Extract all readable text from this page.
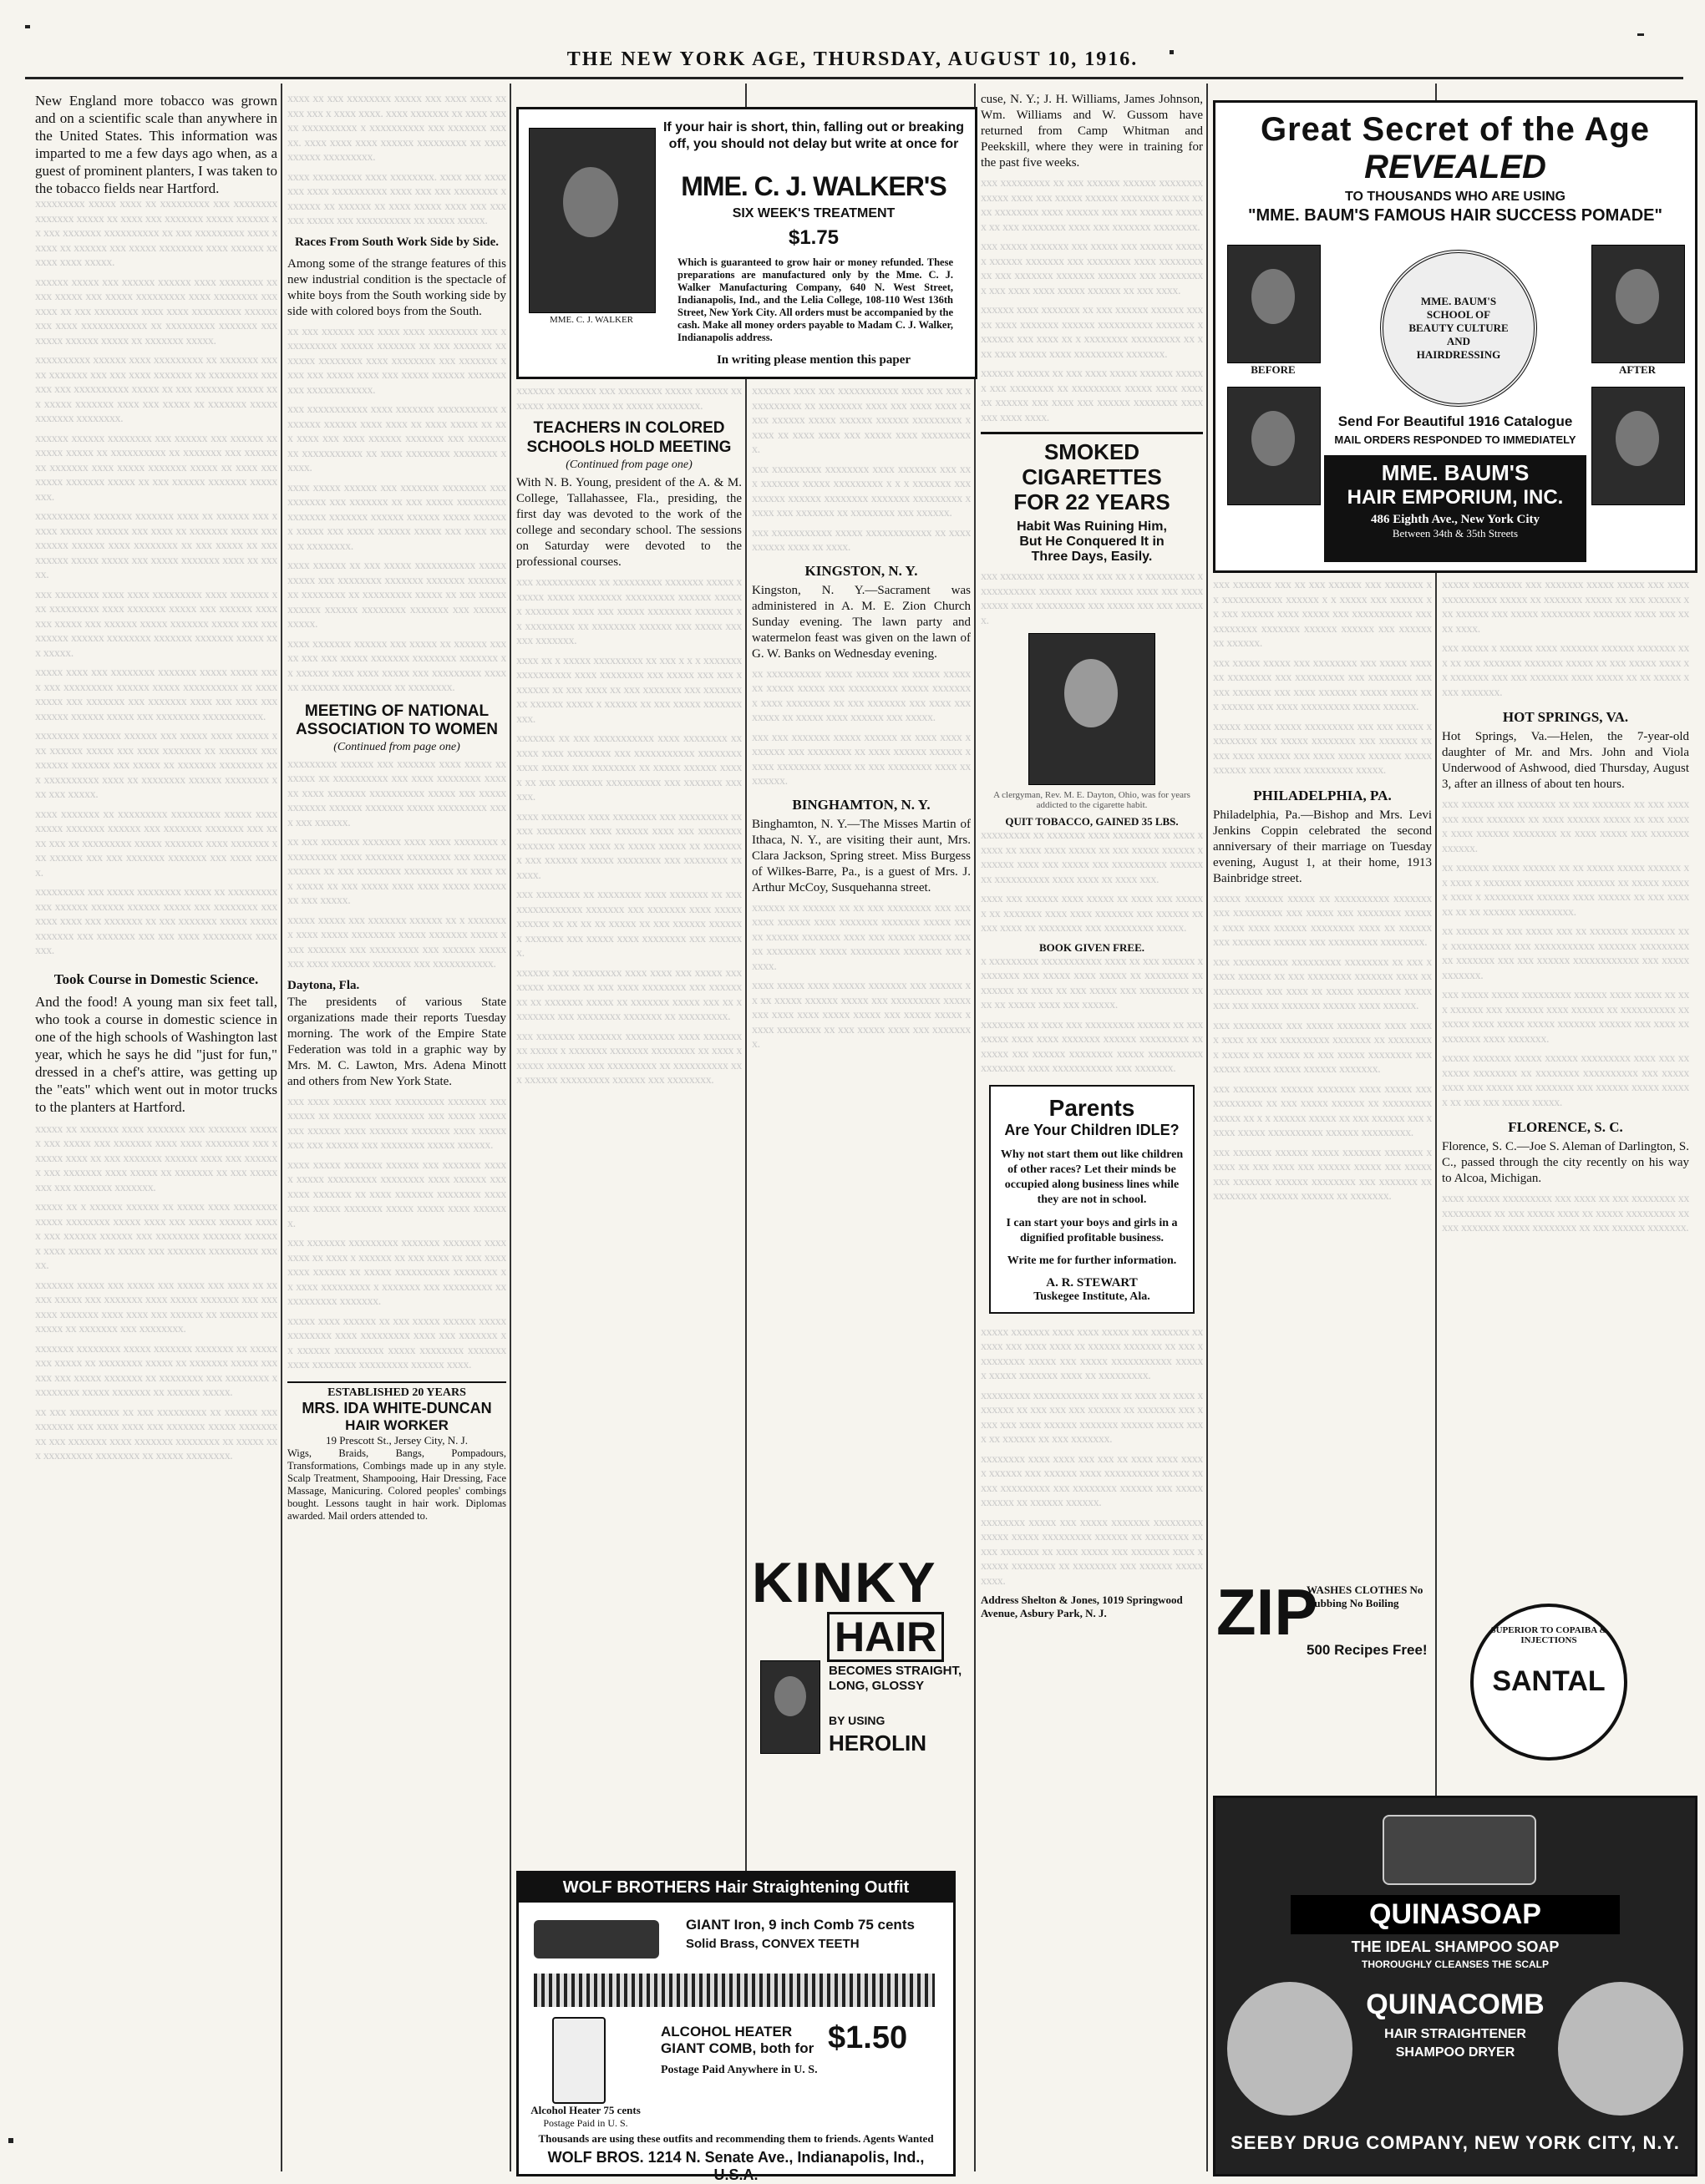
THE NEW YORK AGE, THURSDAY, AUGUST 10, 1916.
New England more tobacco was grown and on a scientific scale than anywhere in the United States. This information was imparted to me a few days ago when, as a guest of prominent planters, I was taken to the tobacco fields near Hartford.

xxxxxxxxx xxxxx xxxx xx xxxxxxxxx xxx xxxxxxxx xxxxxxx xxxxx xx xxxx xxx xxxxxxx xxxxx xxxxxx xx xxx xxxxxxx xxxxxxxxxx xx xxx xxxxxxxxx xxxx xxxxx xx xxxxxx xxx xxxxx xxxxxxxx xxxx xxxxxx xxxxxx xxxx xxxxx.

xxxxxx xxxxx xxx xxxxxx xxxxxx xxxx xxxxxxxx xx xxx xxxxx xxx xxxxx xxxxxxxxx xxxx xxxxxxxx xxxxxxx xx xxx xxxxxxxx xxxx xxxx xxxxxxxxx xxxxxxxxx xxxx xxxxxxxxxxxx xx xxxxxxxxx xxxxxxx xxx xxxxx xxxxxx xxxxx xx xxxxxxx xxxxx.

xxxxxxxxxx xxxxxx xxxx xxxxxxxxx xx xxxxxxx xxx xx xxxxxxx xxx xxx xxxx xxxxxxx xx xxxxxxxxx xxxxxx xxx xxxxxxxxxx xxxxx xx xxx xxxxxxx xxxxx xxx xxxxx xxxxxxx xxxx xxx xxxxx xx xxxxxxx xxxxx xxxxxxx xxxxxxxx.

xxxxxx xxxxxx xxxxxxxx xxx xxxxxx xxx xxxxxx xx xxxxx xxxxx xx xxxxxxxxxx xx xxxxxxx xxx xxxxxx xx xxxxxxx xxxx xxxxx xxxxxxx xxxxx xx xxxx xxx xxxxx xxxxxxx xxxxx xx xxx xxxxxx xxxxxxx xxxxxxxx.

xxxxxxxxxx xxxxxxx xxxxxxx xxxx xx xxxxxx xxx xxxxx xxxxxx xxxxxx xxx xxxx xx xxxxxxx xxxxx xxx xxxxxx xxxxxx xxxx xxxxxxxx xx xxx xxxxx xx xxx xxxxxx xxxxx xxxxx xxx xxxxx xxxxxxx xxxx xx xxxxx.

xxx xxxxxxxx xxxx xxxx xxxxxxxxx xxxx xxxxxxx xxx xxxxxxxxx xxxx xxxxxxx xxxxx xxx xxxxxx xxxxxxx xxxxx xxx xxxxxx xxxxx xxxxxxx xxxxx xxx xxxxxxxxx xxxxxx xxxxxxxx xxxxxxx xxxxxxx xxxxx xxx xxxxx.

xxxxx xxxx xxx xxxxxxxx xxxxxxx xxxxx xxxxx xxxx xxx xxxxxxxxx xxxxxx xxxxx xxxxxxxxxx xx xxxxxxxxx xxx xxxxxxx xxx xxxxxxx xxxx xxx xxxx xxx xxxxxx xxxxxx xxxxx xxx xxxxxxxx xxxxxxxxxxx.

xxxxxxxx xxxxxxx xxxxxx xxx xxxxx xxxx xxxxxx xxx xxxxxx xxxxx xxx xxxx xxxxxxx xx xxxxxxx xxx xxxxxx xxxxxxx xxx xxxxx xx xxxxxxx xxxxxxxx xxx xxxxxxxxxx xxxx xx xxxxxxxx xxxxxx xxxxxxxx xxx xxx xxxxx.

xxxx xxxxxxx xx xxxxxxxxx xxxxxxxxx xxxxx xxxx xxxxx xxxxxxx xxxxxx xxx xxxxxxx xxxxxxx xxx xxxx xxx xx xxxxxxxxx xxxxx xxxxxxx xxxx xxxxxxx xxx xxxxxx xxx xxx xxxxxxx xxxxxxx xxx xxxx xxxxx.

xxxxxxxxx xxx xxxxx xxxxxxxx xxxxx xx xxxxxxxxx xxx xxxxxx xxxxxx xxxxxx xxxxx xxx xxxxxxxx xxxxxxx xxxx xxx xxxxxxx xx xxx xxxxxxx xxxxx xxxxx xxxxxxx xxx xxxxxxx xxx xxx xxxx xxxxxxxxx xxxxxxx.

Took Course in Domestic Science.
And the food! A young man six feet tall, who took a course in domestic science in one of the high schools of Washington last year, which he says he did "just for fun," dressed in a chef's attire, was getting up the "eats" which went out in motor trucks to the planters at Hartford.

xxxxx xx xxxxxxx xxxx xxxxxxx xxx xxxxxxx xxxxxx xxx xxxxx xxx xxxxxxx xxxx xxxx xxxxxxxx xxx xxxxxx xxxx xx xxx xxxxxxx xxxxxx xxxx xxx xxxxxxx xxx xxxxxxx xxxx xxxxx xx xxxxxxx xx xxx xxxxx xxx xxx xxxxxxx xxxxxxx.

xxxxx xx x xxxxxx xxxxxx xx xxxxx xxxx xxxxxxxx xxxxx xxxxxxxx xxxxx xxxx xxx xxxxx xxxxxx xxxxx xxx xxxxxx xxxxxx xxx xxxxxxxx xxxxxxx xxxxxxx xxxx xxxxxx xx xxxxx xxx xxxxxxx xxxxxxxxx xxxxx.

xxxxxxx xxxxx xxx xxxxx xxx xxxxx xxx xxxx xx xxxxx xxxxx xxx xxxxxxx xxxx xxxxx xxxxxxx xxx xxxxxxx xxxxxxx xxxx xxxx xxx xxxxxx xx xxxxxxx xxxxxxxx xx xxxxxxx xxx xxxxxxxx.

xxxxxxx xxxxxxxx xxxxx xxxxxxx xxxxxxx xx xxxxx xxx xxxxx xx xxxxxxxx xxxxx xx xxxxxxx xxxxx xxx xxx xxx xxxxx xxxxxxx xx xxxxxxxx xxx xxxxxxxx xxxxxxxxx xxxxx xxxxxxx xx xxxxxx xxxxx.

xx xxx xxxxxxxxx xx xxx xxxxxxxxx xx xxxxxx xxx xxxxxxx xxx xxxx xxxx xxx xxxxxxx xxxxx xxxxxxx xx xxx xxxxxxx xxxx xxxxxxx xxxxxxxx xx xxxxx xxx xxxxxxxxx xxxxxxxx xx xxxxx xxxxxxxx.

xxxx xx xxx xxxxxxxx xxxxx xxx xxxx xxxx xxxxx xxx x xxxx xxxx. xxxx xxxxxxx xx xxxx xxxxx xxxxxxxxxx x xxxxxxxxxx xxx xxxxxxx xxxxx. xxxx xxxx xxxx xxxxxx xxxxxxxxx xx xxxx xxxxxx xxxxxxxxx.

xxxx xxxxxxxxx xxxx xxxxxxxx. xxxx xxx xxxx xxx xxxx xxxxxxxxxx xxxx xxx xxx xxxxxxxx xxxxxxx xx xxxxxx xx xxxx xxxxx xxxx xxx xxxxxx xxxxx xxx xxxxxxxxxx xx xxxxx xxxxx.

Races From South Work Side by Side.
Among some of the strange features of this new industrial condition is the spectacle of white boys from the South working side by side with colored boys from the South.

xx xxx xxxxxx xxx xxxx xxxx xxxxxxxxx xxx xxxxxxxxxx xxxxxx xxxxxxx xx xxx xxxxxxx xxxxxxx xxxxxxxx xxxx xxxxxxxx xxx xxxxxxx xxxx xxx xxxxx xxxx xxx xxxxx xxxxxx xxxxxxx xxx xxxxxxxxxxxx.

xxx xxxxxxxxxxx xxxx xxxxxxx xxxxxxxxxxx xxxxxxx xxxxxx xxxx xxxx xx xxxx xxxxx xx xxx xxxx xxx xxxx xxxxxx xxxxxxx xxx xxxxxxx xx xxxxxxxxxxx xx xxxx xxxxxxxx xxxxxxxx xxxxx.

xxxx xxxxx xxxxxx xxx xxxxxxx xxxxxxxx xxx xxxxxxx xxx xxxxxxx xx xxx xxxxx xxxxxxxxx xxxxxxx xxxxxxx xxxxxx xxxxxx xxxxx xxxxxxx xxxxx xxx xxxxx xxxxxx xxxxx xxx xxxx xxxxxx xxxxxxxx.

xxxx xxxxxx xx xxx xxxxx xxxxxxxxxxx xxxxx xxxxx xxx xxxxxxxx xxxxxxx xxxxxxx xxxxxxxxx xxxxxxxx xx xxxxxxxxx xxxxx xx xxx xxxxx xxxxxx xxxxxx xxxxxxxx xxxxxxx xxx xxxxxx xxxxx.

xxxx xxxxxxx xxxxxx xxx xxxxx xx xxxxxx xxxxx xxx xxx xxxxx xxxxxxx xxxxxxxx xxxxxxx xx xxxxxx xxxx xxxx xxxxx xxx xxxxxxxxx xxxxxx xxxxxxx xxxxxxxxx xx xxxxxxxx.

MEETING OF NATIONAL ASSOCIATION TO WOMEN
(Continued from page one)

xxxxxxxxx xxxxxx xxx xxxxxxx xxxx xxxxx xx xxxxx xx xxxxxxxxxx xxx xxxx xxxxxxxx xxxxxx xxxx xxxxxxx xxxxxxxxxx xxxxx xxx xxxxx xxxxxxx xxxxxx xxxxxxx xxxxx xxxxxxxxx xxxx xxx xxxxxx.

xx xxx xxxxxxx xxxxxxx xxxx xxxx xxxxxxxx xxxxxxxxxx xxxx xxxxxxx xxxxxxxx xxx xxxxxxxxxxxx xx xxx xxxxxxxx xxxxxxxxx xx xxxx xxx xxxxx xx xxx xxxxx xxxx xxxx xxxxx xxxxxxxx xxx xxxxx.

xxxxx xxxxx xxx xxxxxxx xxxxxx xx x xxxxxxxx xxxx xxxxx xxxxxxxx xxxxx xxxxxxx xxxxx xxxx xxxxxxx xxx xxxxxxxxx xxx xxxxxx xxxxxxxx xxxx xxxxxxx xxxxxxx xxx xxxxxxxxxxx.

Daytona, Fla.
The presidents of various State organizations made their reports Tuesday morning. The work of the Empire State Federation was told in a graphic way by Mrs. M. C. Lawton, Mrs. Adena Minott and others from New York State.

xxx xxxx xxxxxx xxxx xxxxxxxxx xxxxxxx xxxxxxxx xx xxxxxxx xxxxxxxxx xxx xxxxx xxxxxxxx xxxxxx xxxx xxxxxxx xxxxxxx xxxx xxxxxxxx xxx xxxxxx xxx xxxxxxxx xxxxx xxxxxx.

xxxx xxxxx xxxxxxx xxxxxx xxx xxxxxxx xxxxx xxxxx xxxxxxxxx xxxxxxxx xxxx xxxxxx xxx xxxx xxxxxxx xx xxxx xxxxxxx xxxxxxxx xxxx xxxx xxxxx xxxxxxx xxxxx xxxxx xxxx xxxxxxx.

xxx xxxxxxx xxxxxxxxx xxxxxxx xxxxxxx xxxx xxxx xx xxxx x xxxxxx xx xxx xxxx xx xxx xxxxxxxx xxxxxx xx xxxxx xxxxxxxxxx xxxxxxxx xx xxxx xxxxxxxxx x xxxxxxx xxx xxxxxxxxx xx xxxxxxxxx xxxxxxx.

xxxxx xxxx xxxxxx xx xxx xxxxx xxxxxx xxxxx xxxxxxxx xxxx xxxxxxxxx xxxx xxx xxxxxxx xx xxxxxx xxxxxxxxx xxxxx xxxxxxxx xxxxxxx xxxx xxxxxxxx xxxxxxxxx xxxxxx xxxx.

ESTABLISHED 20 YEARS
MRS. IDA WHITE-DUNCAN
HAIR WORKER
19 Prescott St., Jersey City, N. J.
Wigs, Braids, Bangs, Pompadours, Transformations, Combings made up in any style. Scalp Treatment, Shampooing, Hair Dressing, Face Massage, Manicuring. Colored peoples' combings bought. Lessons taught in hair work. Diplomas awarded. Mail orders attended to.
MME. C. J. WALKER
If your hair is short, thin, falling out or breaking off, you should not delay but write at once for
MME. C. J. WALKER'S
SIX WEEK'S TREATMENT
$1.75
Which is guaranteed to grow hair or money refunded. These preparations are manufactured only by the Mme. C. J. Walker Manufacturing Company, 640 N. West Street, Indianapolis, Ind., and the Lelia College, 108-110 West 136th Street, New York City. All orders must be accompanied by the cash. Make all money orders payable to Madam C. J. Walker, Indianapolis address.
In writing please mention this paper

xxxxxxx xxxxxxx xxx xxxxxxxx xxxxx xxxxxx xxxxxxx xxxxxx xxxxx xx xxxxx xxxxxxxx.

TEACHERS IN COLORED SCHOOLS HOLD MEETING
(Continued from page one)
With N. B. Young, president of the A. & M. College, Tallahassee, Fla., presiding, the first day was devoted to the work of the college and secondary school. The sessions on Saturday were devoted to the professional courses.

xxx xxxxxxxxxxx xx xxxxxxxxx xxxxxxx xxxxx xxxxxx xxxxx xxxxxxxx xxxxxxxxx xxxxxx xxxxxx xxxxxxxx xxxx xxx xxxxx xxxxxxxx xxxxxxx xx xxxxxxxxx xx xxxxxxxx xxxxxx xxx xxxxx xxxxxx xxxxxxx.

xxxx xx x xxxxx xxxxxxxxx xx xxx x x x xxxxxxx xxxxxxxxxx xxxx xxxxxxxx xxx xxxxx xxx xxx xxxxxxx xx xxx xxxx xx xxx xxxxxxx xxx xxxxxxxxx xxxxxx xxxxx x xxxxxx xx xxx xxxxx xxxxxxxxxx.

xxxxxxx xx xxx xxxxxxxxxxx xxxx xxxxxxxx xx xxxx xxxx xxxxxxxx xxx xxxxxxxxxxx xxxxxxxx xxxx xxxxx xxx xxxxxxxx xx xxxxx xxxxxx xxxxx xx xxx xxxxxxxx xxxxxxxxxx xxx xxxxxxx xxxxxx.

xxxx xxxxxxxx xxxx xxxxxxxx xxx xxxxxxxxx xx xxx xxxxxxxxx xxxx xxxxxx xxxx xxx xxxxxxxx xxxxxxx xxxxx xxxx xx xxxxx xxxxx xx xxxxxxxx xxx xxxxxx xxxxxx xxxxxxxx xxx xxxxxxxx xxxxxx.

xxx xxxxxxxx xx xxxxxxxx xxxx xxxxxxx xx xxx xxxxxxxxxxxx xxxxxxx xxx xxxxxxx xxxx xxxxxxxxxxx xx xx xx xx xxxxx xx xxx xxxxxx xxxxxxx xxxxxxx xxx xxxxx xxxx xxxxxxxx xxx xxxxxxx.

xxxxxx xxx xxxxxxxxx xxxx xxxx xxx xxxxx xxxxxxxx xxxxxx xx xxx xxxx xxxxxxxx xxx xxxxxxxx xx xxxxxxx xxxxx xx xxxxxxx xxxxx xxx xx xxxxxxxx xxx xxxxxxxx xxxxxxx xx xxxxxxxxx.

xxx xxxxxxx xxxxxxxx xxxxxxxxx xxxx xxxxxxx xx xxxxx x xxxxxxx xxxxxxx xxxxxxxx xx xxxx xxxxxx xxxxxxx xxx xxxxxxxxx xx xxxxxxxxxx xxx xxxxxx xxxxxxxxx xxxxxx xxx xxxxxxxx.

xxxxxxx xxxx xxx xxxxxxxxxxx xxxx xxx xxx xxxxxxxxxx xx xxxxxxxx xxxx xxx xxxx xxxx xx xxx xxxxxx xxxxx xxxxxx xxxxxx xxxxxxxxx xxxxx xx xxxx xxxx xxx xxxxx xxxx xxxxxxxxxx.

xxx xxxxxxxxx xxxxxxxx xxxx xxxxxxx xxx xxx xxxxxxx xxxxx xxxxxxxxx x x x xxxxxxx xxxxxxxxx xxxxxx xxxxxxxx xxxxxxx xxxxxxxxx xxxxx xxx xxxxxxx xx xxxxxxxx xxx xxxxxx.

xxx xxxxxxxxxxx xxxxx xxxxxxxxxxxx xx xxxxxxxxxx xxxx xx xxxx.

KINGSTON, N. Y.
Kingston, N. Y.—Sacrament was administered in A. M. E. Zion Church Sunday evening. The lawn party and watermelon feast was given on the lawn of G. W. Banks on Wednesday evening.

xx xxxxxxxxxx xxxxx xxxxxx xxx xxxxx xxxxxxx xxxxx xxxxx xxx xxxxxxxxx xxxxx xxxxxxx x xxxx xxxxxxxx xx xxx xxxxxxx xxx xxxx xxxxxxxx xx xxxxx xxxx xxxxxx xxx xxxxx.

xxx xxx xxxxxxx xxxxx xxxxxx xx xxxx xxxx xxxxxxx xxx xxxxxxxx xx xxxx xxxxxx xxxxxx xxxxx xxxxxxxx xxxxx xx xxx xxxxxxxx xxxx xxxxxxxx.

BINGHAMTON, N. Y.
Binghamton, N. Y.—The Misses Martin of Ithaca, N. Y., are visiting their aunt, Mrs. Clara Jackson, Spring street. Miss Burgess of Wilkes-Barre, Pa., is a guest of Mrs. J. Arthur McCoy, Susquehanna street.

xxxxxx xx xxxxxx xx xx xxx xxxxxxxx xxx xxxxxxx xxxxxx xxxx xxxxxxx xxxxxxx xxxxx xxxxx xxxxxx xxxxxxx xxxx xxx xxxxx xxxxxx xxxxx xxxxxxxxx xxxxx xxxxxxxxx xxxxxxx xxx xxxxx.

xxxx xxxxx xxxx xxxxxx xxxxxxx xxx xxxxxx xx xx xxxxx xxxxxx xxxxx xxx xxxxxxxxx xxxxxxxx xxxx xxxx xxxxx xxxxx xxx xxxxx xxxxx xxxxx xxxxxxxx xx xxx xxxxx xxxx xxx xxxxxxxx.

KINKY
HAIR
BECOMES STRAIGHT, LONG, GLOSSY
BY USING
HEROLIN
WOLF BROTHERS Hair Straightening Outfit
GIANT Iron, 9 inch Comb 75 cents
Solid Brass, CONVEX TEETH
Alcohol Heater 75 cents
Postage Paid in U. S.
ALCOHOL HEATER GIANT COMB, both for $1.50
Postage Paid Anywhere in U. S.
Thousands are using these outfits and recommending them to friends. Agents Wanted
WOLF BROS. 1214 N. Senate Ave., Indianapolis, Ind., U.S.A.
cuse, N. Y.; J. H. Williams, James Johnson, Wm. Williams and W. Gussom have returned from Camp Whitman and Peekskill, where they were in training for the past five weeks.

xxx xxxxxxxxx xx xxx xxxxxx xxxxxx xxxxxxxx xxxxx xxxx xxx xxxxx xxxxxx xxxxxxx xxxxx xxxx xxxxxxxx xxxx xxxxxx xxx xxx xxxxxx xxxxxx xx xxx xxxxxxxx xxxx xxx xxxxxxx xxxxxxxx.

xxx xxxxx xxxxxxx xxx xxxxx xxx xxxxxx xxxxxx xxxxxx xxxxxxx xxx xxxxxxxx xxxx xxxxxxxx xx xxx xxxxxxx xxxxxxx xxxxxxx xxx xxxxxxxxx xxx xxxx xxxx xxxxx xxxxxx xx xxx xxxx.

xxxxxx xxxx xxxxxxx xx xxx xxxxxx xxxxxx xxx xx xxxx xxxxxxx xxxxxx xxxxxxxxxx xxxxxxx xxxxxxx xxx xxxx xx x xxxxxxxx xxxxxxxxx xx xxx xxxx xxxxx xxxx xxxxxxxxx xxxxxxx.

xxxxxx xxxxxx xx xxx xxxx xxxxx xxxxxx xxxxxx xxx xxxxxxxx xx xxxxxxxxx xxxxx xxxx xxxx xx xxxxxx xxx xxxx xxx xxxxxx xxxxxxxx xxxx xxx xxxx xxxx.

SMOKED CIGARETTES
FOR 22 YEARS
Habit Was Ruining Him,
But He Conquered It in
Three Days, Easily.

xxx xxxxxxxx xxxxxx xx xxx xx x x xxxxxxxxx x xxxxxxxxxx xxxxxx xxxx xxxxxx xxxx xxx xxxx xxxxx xxxx xxxxxxxxx xxx xxxxx xxx xxx xxxxxx.

A clergyman, Rev. M. E. Dayton, Ohio, was for years addicted to the cigarette habit.
QUIT TOBACCO, GAINED 35 LBS.

xxxxxxxxx xx xxxxxxx xxxx xxxxxxx xxx xxxx xxxxx xx xxxx xxxx xxxxx xx xxx xxxxx xxxxxx xxxxxxx xxxx xxx xxxxx xxx xxxxxxxxxx xxxxxxxx xxxxxxxxxx xxxx xxxx xx xxxx xxx.

xxxx xxx xxxxxx xxxx xxxxx xx xxxx xxx xxxxxx xx xxxxxxx xxxx xxxx xxxxxxx xxx xxxxxx xx xxx xxxx xx xxxxxxxx xxx xxxxxxxxx xxxxx.

BOOK GIVEN FREE.

x xxxxxxxxx xxxxxxxxxxx xxxx xx xxx xxxxxx xxxxxxxx xxx xxxxx xxxx xxxxx xx xxxxxxxx xx xxxxxx xx xxxx xx xxx xxxxx xxx xxxxxxxxx xxxx xx xxxxx xxxx xxx xxxxxx.

xxxxxxxx xx xxxx xxx xxxxxxxxx xxxxxx xx xxxxxxxx xxxx xxxx xxxxxxx xxxxxx xxxxxxxxx xxxxxxx xxx xxxxxx xxxxxxxx xxxxx xxxxxxxxxx xxxxxxxx xxxx xxxxxxxxxxx xxx xxxxxxx.

Parents
Are Your Children IDLE?
Why not start them out like children of other races? Let their minds be occupied along business lines while they are not in school.
I can start your boys and girls in a dignified profitable business.
Write me for further information.
A. R. STEWART
Tuskegee Institute, Ala.

xxxxx xxxxxxx xxxx xxxx xxxxx xxx xxxxxxx xxxxxx xxx xxxx xxxx xx xxxxxx xxxxxxx xx xxx xxxxxxxxx xxxxx xxx xxxxx xxxxxxxxxxx xxxxxx xxxxx xxxxxxx xxxx xx xxxxxxxxx.

xxxxxxxxx xxxxxxxxxxxx xxx xx xxxx xx xxxx xxxxxxx xx xxx xxx xxx xxxxxx xx xxxxxxx xxx xxxx xxx xxxx xxxxxx xxxxxxx xxxxxx xxxxx xxxx xx xxxxxx xx xxx xxxxxxx.

xxxxxxxx xxxx xxxx xxx xxx xx xxxx xxxx xxxxx xxxxxx xxx xxxxxx xxxx xxxxxxxxxx xxxxx xxxxx xxxxxxxxx xxx xxxxxxxx xxxxxx xxx xxxxxxxxxxx xx xxxxxx xxxxxx.

xxxxxxxx xxxxx xxx xxxxx xxxxxxx xxxxxxxxx xxxxx xxxxx xxxxxxxxx xxxxxx xx xxxxxxxx xxxxx xxxxxxx xx xxxx xxxxx xxx xxxxxxx xxxx xxxxxx xxxxxxxx xx xxxxxxxx xxx xxxxxx xxxxxxxxx.

Address Shelton & Jones, 1019 Springwood Avenue, Asbury Park, N. J.
Great Secret of the Age
REVEALED
TO THOUSANDS WHO ARE USING
"MME. BAUM'S FAMOUS HAIR SUCCESS POMADE"
BEFORE	AFTER
MME. BAUM'S SCHOOL OF BEAUTY CULTURE AND HAIRDRESSING
Send For Beautiful 1916 Catalogue
MAIL ORDERS RESPONDED TO IMMEDIATELY
MME. BAUM'S
HAIR EMPORIUM, INC.
486 Eighth Ave., New York City
Between 34th & 35th Streets

xxx xxxxxxx xxx xx xxx xxxxxx xxx xxxxxxx xx xxxxxxxxxxx xxxxxx x x xxxxx xxx xxxxxx xx xxx xxxxxx xxxx xxxxx xxx xxxxxxxxxxx xxxxxxxxxxx xxxxxxx xxxxxx xxxxxx xxx xxxxxx xx xxxxxx.

xxx xxxxx xxxxx xxx xxxxxxxx xxx xxxxx xxxxxx xxxxxxxx xxx xxxxxxxxx xxx xxxxxxxx xxxxxx xxxxxxx xxx xxxx xxxxxxx xxxxx xxxxx xxx xxxxxx xxx xxxx xxxxxxxxx xxxxx xxxxxx.

xxxxx xxxxx xxxxx xxxxxxxxx xxx xxx xxxxx xxxxxxxxx xxx xxxxx xxxxxxxx xxx xxxxxxx xxxxx xxxx xxxxxx xxx xxxx xxxxx xxxxxx xxxxx xxxxxx xxxx xxxxx xxxxxxxxx xxxxx.

PHILADELPHIA, PA.
Philadelphia, Pa.—Bishop and Mrs. Levi Jenkins Coppin celebrated the second anniversary of their marriage on Tuesday evening, August 1, at their home, 1913 Bainbridge street.

xxxxx xxxxxxx xxxxx xx xxxxxxxxxx xxxxxxx xxx xxxxxxxxx xxx xxxxx xxx xxxxxxxx xxxxxx xxxx xxxx xxxxxx xxxxxxxx xxxx xx xxxxxx xxx xxxxxxx xxxxxx xxx xxxxxxxxx xxxxxxxx.

xxx xxxxxxxxxx xxxxxxxxx xxxxxxxx xx xxx xxxxx xxxxxx xx xxx xxxxxxxx xxxxxxx xxxx xxxxxxxxxxx xxx xxxx xx xxxxx xxxxxxxx xxxxxxxx xxx xxxxx xxxxxxx xxxxxx xxxx xxxxxx.

xxx xxxxxxxxx xxx xxxxx xxxxxxxx xxxx xxxxx xxxx xx xxx xxxxxxxxx xxxxxxx xx xxxxxxxxx xxxxx xx xxxxxx xx xxx xxxxx xxxxxxxx xxx xxxxx xxxxx xxxxx xxxxxx xxxxxxx.

xxx xxxxxxxx xxxxxx xxxxxxx xxxx xxxxx xxx xxxxxxxxx xx xxx xxxxx xxxxxx xx xxxxxxxxx xxxxx xx x x xxxxxx xxxxx xx xxx xxxxxx xxx xxxxx xxxxx xxxxxxxxxx xxxxxx xxxxxxxxx.

xxx xxxxxxx xxxxxx xxxxx xxxxxxx xxxxxxx xxxxx xx xxx xxxx xxx xxxxxx xxxxx xxx xxxxxxxx xxxxxxx xxxxxx xxxxxxxx xxx xxxxxxx xxxxxxxxxx xxxxxxx xxxxxx xx xxxxxxx.

xxxxx xxxxxxxxx xxx xxxxxxx xxxxx xxxxx xxx xxxx xxxxxxxxxx xxxxx xx xxxxxxx xxxxx xx xxx xxxxxx xxx xxxxxx xxx xxxxx xxxxxxxxx xxxxxxx xxxx xxx xx xx xxxx.

xxx xxxxx x xxxxxx xxxx xxxxxxx xxxxxx xxxxxxx xxx xx xxx xxxxxxx xxxxxxx xxxxx xx xxx xxxxx xxxx xx xxxxxxx xxx xxx xxxxxxx xxxx xxxxx xx xx xxxxx xxxx xxxxxxx.

HOT SPRINGS, VA.
Hot Springs, Va.—Helen, the 7-year-old daughter of Mr. and Mrs. John and Viola Underwood of Ashwood, died Thursday, August 3, after an illness of about ten hours.

xxx xxxxxx xxx xxxxxxx xx xxx xxxxxxx xx xxx xxxx xxx xxxx xxxxxxx xx xxxx xxxxxx xxxxx xx xxx xxxxx xxxx xxxxxx xxxxxxxx xx xxxx xxxxx xxx xxxxxxx xxxxxx.

xx xxxxxx xxxxx xxxxxx xx xx xxxxx xxxxx xxxxxx xx xxxx x xxxxxxx xxxxxxxxx xxxxxxx xx xxxxx xxxxxx xxxx x xxxxxxxxx xxxxxx xxxx xxxxxx xx xxx xxxxxx xx xx xxxxxx xxxxxxxxxx.

xx xxxxxx xx xxx xxxxx xxx xx xxxxxxx xxxxxxxx xxx xxxxxxxxxxx xxx xxxxxxxxxxx xxxxxxx xxxxxxxxx xx xxxxxxx xxx xxx xxxxxx xxxxxxxxxxxx xxx xxxxx xxxxxxx.

xxx xxxxx xxxxx xxxxxxxxx xxxxxx xxxx xxxxx xx xxx xxxxxx xxx xxxxxxx xxxx xxxxxx xx xxxxxxxxxx xxxxxxx xxxx xxxxx xxxxx xxxxxxx xxxxxx xxx xxxx xx xxxxxxx xxxx xxxxxxx.

xxxxx xxxxxxx xxxxx xxxxxx xxxxxxxxx xxxx xxx xxxxxxx xxxxxxxx xx xxxxxxxx xxxxxxxxxx xxx xxxxx xxxx xxx xxxxx xxx xxxxxxx xxx xxxxxx xxxxx xxxxxx xx xxx xxx xxxxx xxxxx.

FLORENCE, S. C.
Florence, S. C.—Joe S. Aleman of Darlington, S. C., passed through the city recently on his way to Alcoa, Michigan.

xxxx xxxxxx xxxxxxxxx xxx xxxx xx xxx xxxxxxxx xxxxxxxxxxx xx xxx xxxxx xxxx xx xxxxx xxxxxxxxx xxxxx xxxxxxx xxxxx xxxxxxxx xx xxx xxxxxx xxxxxxx.

ZIP
WASHES CLOTHES No Rubbing No Boiling
500 Recipes Free!
SUPERIOR TO COPAIBA & INJECTIONS
SANTAL
QUINASOAP
THE IDEAL SHAMPOO SOAP
THOROUGHLY CLEANSES THE SCALP
QUINACOMB
HAIR STRAIGHTENER
SHAMPOO DRYER
SEEBY DRUG COMPANY, NEW YORK CITY, N.Y.
